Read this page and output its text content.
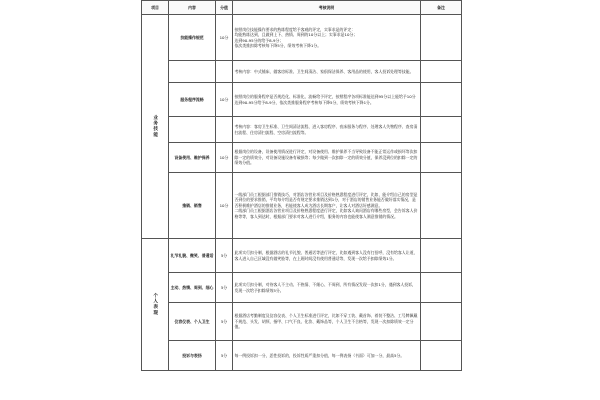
项目	内容	分值	考核说明	备注
业务技能	技能操作规范	10分	按照岗位技能操作要求的熟练程度给予客观的评定，实事求是的评定：
均能熟练达到，且做到上下、热情、周到的10分以上；实事求是10分；
达到90-95分的给予8-9分；
依次类推扣除考核每下降5分，绩效考核下降1分。	

			考核内容：中式铺床、做客房标准、卫生间清洁、家俱保洁保养、客用品的使用，客人投诉处理等技能。	

	服务程序流畅	10分	按照岗位的服务程序是否规范化、标准化、流畅给予评定，按照程序各项标准能达到95分以上能给予10分达到90-95分给予8-9分，依次类推服务程序考核每下降5分，绩效考核下降1分。	

			考核内容：客房卫生标准、卫生间清洁流程、进入客房程序、夜床服务与程序、处理客人失物程序、查房清扫流程、住房清扫流程、空房清扫流程等。	

	设备使用、维护保养	10分	根据岗位的设备，设备使用情况进行评定，对设备使用、维护保养不当导致设备不能正常运作或损坏等次扣除一定的绩效分，对设备设施设备有破损等；每少做到一次扣除一定的绩效分值，保养没到位的扣除一定的绩效分值。	

	推销、销售	10分	一线部门员工根据部门推销技巧，对酒店各营业项目及价格熟悉程度进行评定，比如，能介绍自己的房型是否到位的要求推销，平均每介绍是否有规定要求推销达到1分，对于酒店的销售业务能否做好落实情况，是否积极维护酒店的推销业务，若能使客人成为酒店长期客户，让客人对酒店好感满意。
二线部门员工根据酒店各营业项目及价格熟悉程度进行评定，比如客人询问酒店有哪些房型，会告诉客人价格等等，客人到达时，根据部门要求对客人进行介绍，服务的内容也能使客人满意推销的情况。	

个人表现	礼节礼貌、微笑、普通话	5分	此项实行扣分制，根据酒店的礼节礼貌、普通话等进行评定，比如遇到客人没有打招呼，没有给客人让道，客人进入自己区域没有做笑脸等，在上班时间没有使用普通话等，发现一次给予扣除绩效1分。	

	主动、热情、周到、细心	5分	此项实行扣分制，对待客人不主动、不热情、不细心、不周到，所有情况发现一次扣1分，遇到客人投诉，发现一次给予扣除绩效5分。	

	仪容仪表、个人卫生	5分	根据酒店考勤制度及仪容仪表、个人卫生标准进行评定，比如不穿工装、戴首饰、着装不整洁、工号牌佩戴不规范、头发、胡须、指甲、口气不良、化妆、戴饰品等，个人卫生不合格等，发现一次扣除绩效一定分值。	

	投诉与表扬	5分	每一例投诉扣一分，恶性投诉的，投诉性质严重扣分值，每一例表扬（书面）可加一分，最高5分。	
